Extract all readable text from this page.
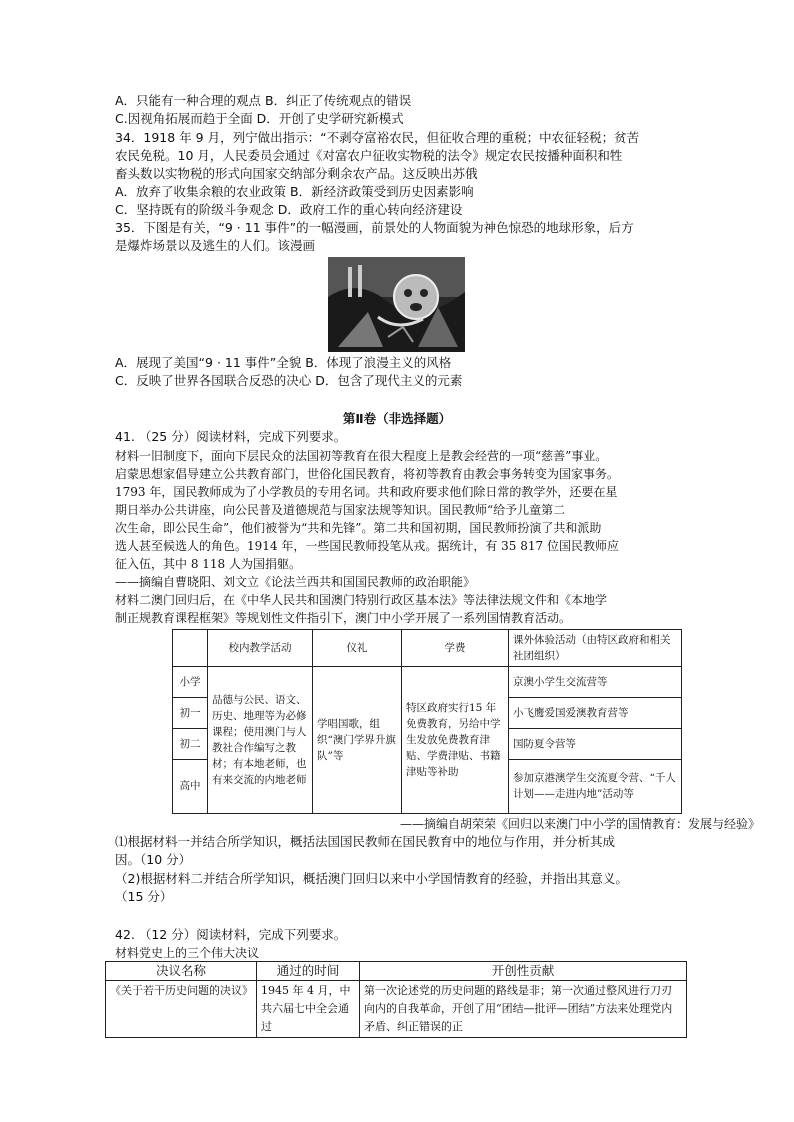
A．只能有一种合理的观点 B．纠正了传统观点的错误
C.因视角拓展而趋于全面 D．开创了史学研究新模式
34．1918 年 9 月，列宁做出指示：“不剥夺富裕农民，但征收合理的重税；中农征轻税；贫苦
农民免税。10 月，人民委员会通过《对富农户征收实物税的法令》规定农民按播种面积和牲
畜头数以实物税的形式向国家交纳部分剩余农产品。这反映出苏俄
A．放弃了收集余粮的农业政策 B．新经济政策受到历史因素影响
C．坚持既有的阶级斗争观念 D．政府工作的重心转向经济建设
35．下图是有关，“9 · 11 事件”的一幅漫画，前景处的人物面貌为神色惊恐的地球形象，后方
是爆炸场景以及逃生的人们。该漫画
A．展现了美国“9 · 11 事件”全貌 B．体现了浪漫主义的风格
C．反映了世界各国联合反恐的决心 D．包含了现代主义的元素
第Ⅱ卷（非选择题）
41. （25 分）阅读材料，完成下列要求。
材料一旧制度下，面向下层民众的法国初等教育在很大程度上是教会经营的一项“慈善”事业。
启蒙思想家倡导建立公共教育部门，世俗化国民教育，将初等教育由教会事务转变为国家事务。
1793 年，国民教师成为了小学教员的专用名词。共和政府要求他们除日常的教学外，还要在星
期日举办公共讲座，向公民普及道德规范与国家法规等知识。国民教师“给予儿童第二
次生命，即公民生命”，他们被誉为“共和先锋”。第二共和国初期，国民教师扮演了共和派助
选人甚至候选人的角色。1914 年，一些国民教师投笔从戎。据统计，有 35 817 位国民教师应
征入伍，其中 8 118 人为国捐躯。
——摘编自曹晓阳、刘文立《论法兰西共和国国民教师的政治职能》
材料二澳门回归后，在《中华人民共和国澳门特别行政区基本法》等法律法规文件和《本地学
制正规教育课程框架》等规划性文件指引下，澳门中小学开展了一系列国情教育活动。
	校内教学活动	仪礼	学费	课外体验活动（由特区政府和相关社团组织）
小学	品德与公民、语文、历史、地理等为必修课程；使用澳门与人教社合作编写之教材；有本地老师，也有来交流的内地老师	学唱国歌，组织“澳门学界升旗队”等	特区政府实行15 年免费教育，另给中学生发放免费教育津贴、学费津贴、书籍津贴等补助	京澳小学生交流营等
初一				小飞鹰爱国爱澳教育营等
初二				国防夏令营等
高中				参加京港澳学生交流夏令营、“千人计划——走进内地”活动等
——摘编自胡荣荣《回归以来澳门中小学的国情教育：发展与经验》
⑴根据材料一并结合所学知识，概括法国国民教师在国民教育中的地位与作用，并分析其成
因。（10 分）
（2)根据材料二并结合所学知识，概括澳门回归以来中小学国情教育的经验，并指出其意义。
（15 分）
42. （12 分）阅读材料，完成下列要求。
材料党史上的三个伟大决议
决议名称	通过的时间	开创性贡献
《关于若干历史问题的决议》	1945 年 4 月，中共六届七中全会通过	第一次论述党的历史问题的路线是非；第一次通过整风进行刀刃向内的自我革命，开创了用“团结—批评—团结”方法来处理党内矛盾、纠正错误的正
